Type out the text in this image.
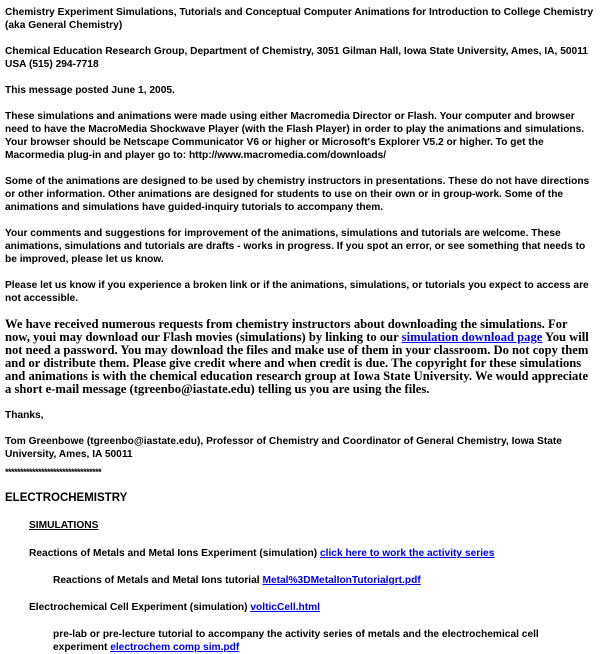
Chemistry Experiment Simulations, Tutorials and Conceptual Computer Animations for Introduction to College Chemistry (aka General Chemistry)

Chemical Education Research Group, Department of Chemistry, 3051 Gilman Hall, Iowa State University, Ames, IA, 50011 USA (515) 294-7718

This message posted June 1, 2005.

These simulations and animations were made using either Macromedia Director or Flash. Your computer and browser need to have the MacroMedia Shockwave Player (with the Flash Player) in order to play the animations and simulations. Your browser should be Netscape Communicator V6 or higher or Microsoft's Explorer V5.2 or higher. To get the Macormedia plug-in and player go to: http://www.macromedia.com/downloads/

Some of the animations are designed to be used by chemistry instructors in presentations. These do not have directions or other information. Other animations are designed for students to use on their own or in group-work. Some of the animations and simulations have guided-inquiry tutorials to accompany them.

Your comments and suggestions for improvement of the animations, simulations and tutorials are welcome. These animations, simulations and tutorials are drafts - works in progress. If you spot an error, or see something that needs to be improved, please let us know.

Please let us know if you experience a broken link or if the animations, simulations, or tutorials you expect to access are not accessible.

We have received numerous requests from chemistry instructors about downloading the simulations. For now, youi may download our Flash movies (simulations) by linking to our simulation download page You will not need a password. You may download the files and make use of them in your classroom. Do not copy them and or distribute them. Please give credit where and when credit is due. The copyright for these simulations and animations is with the chemical education research group at Iowa State University. We would appreciate a short e-mail message (tgreenbo@iastate.edu) telling us you are using the files.

Thanks,

Tom Greenbowe (tgreenbo@iastate.edu), Professor of Chemistry and Coordinator of General Chemistry, Iowa State University, Ames, IA 50011

********************************

ELECTROCHEMISTRY

SIMULATIONS

Reactions of Metals and Metal Ions Experiment (simulation) click here to work the activity series

Reactions of Metals and Metal Ions tutorial Metal%3DMetalIonTutorialgrt.pdf

Electrochemical Cell Experiment (simulation) volticCell.html

pre-lab or pre-lecture tutorial to accompany the activity series of metals and the electrochemical cell experiment electrochem comp sim.pdf
